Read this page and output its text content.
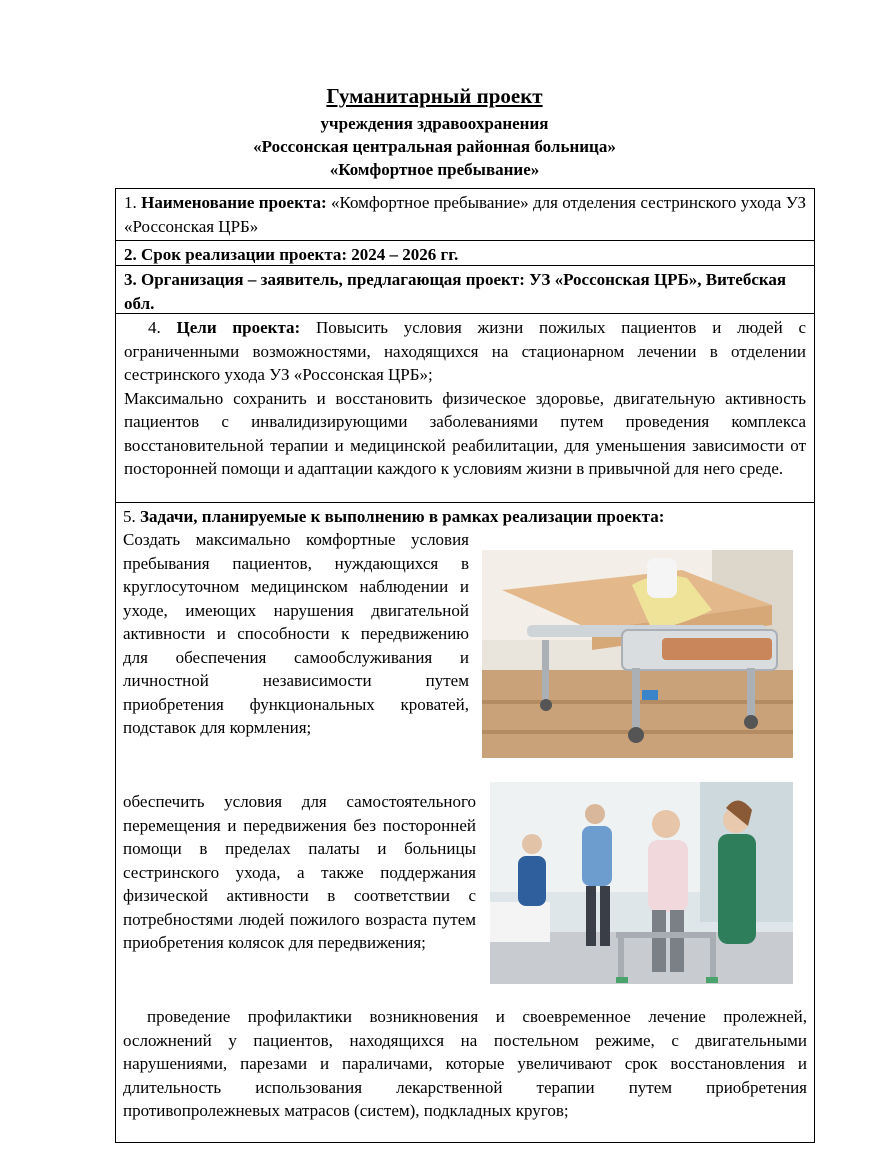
Гуманитарный проект
учреждения здравоохранения
«Россонская центральная районная больница»
«Комфортное пребывание»
1. Наименование проекта: «Комфортное пребывание» для отделения сестринского ухода УЗ «Россонская ЦРБ»
2. Срок реализации проекта: 2024 – 2026 гг.
3. Организация – заявитель, предлагающая проект: УЗ «Россонская ЦРБ», Витебская обл.

4. Цели проекта: Повысить условия жизни пожилых пациентов и людей с ограниченными возможностями, находящихся на стационарном лечении в отделении сестринского ухода УЗ «Россонская ЦРБ»;

Максимально сохранить и восстановить физическое здоровье, двигательную активность пациентов с инвалидизирующими заболеваниями путем проведения комплекса восстановительной терапии и медицинской реабилитации, для уменьшения зависимости от посторонней помощи и адаптации каждого к условиям жизни в привычной для него среде.

5. Задачи, планируемые к выполнению в рамках реализации проекта:
Создать максимально комфортные условия пребывания пациентов, нуждающихся в круглосуточном медицинском наблюдении и уходе, имеющих нарушения двигательной активности и способности к передвижению для обеспечения самообслуживания и личностной независимости путем приобретения функциональных кроватей, подставок для кормления;
обеспечить условия для самостоятельного перемещения и передвижения без посторонней помощи в пределах палаты и больницы сестринского ухода, а также поддержания физической активности в соответствии с потребностями людей пожилого возраста путем приобретения колясок для передвижения;
проведение профилактики возникновения и своевременное лечение пролежней, осложнений у пациентов, находящихся на постельном режиме, с двигательными нарушениями, парезами и параличами, которые увеличивают срок восстановления и длительность использования лекарственной терапии путем приобретения противопролежневых матрасов (систем), подкладных кругов;
